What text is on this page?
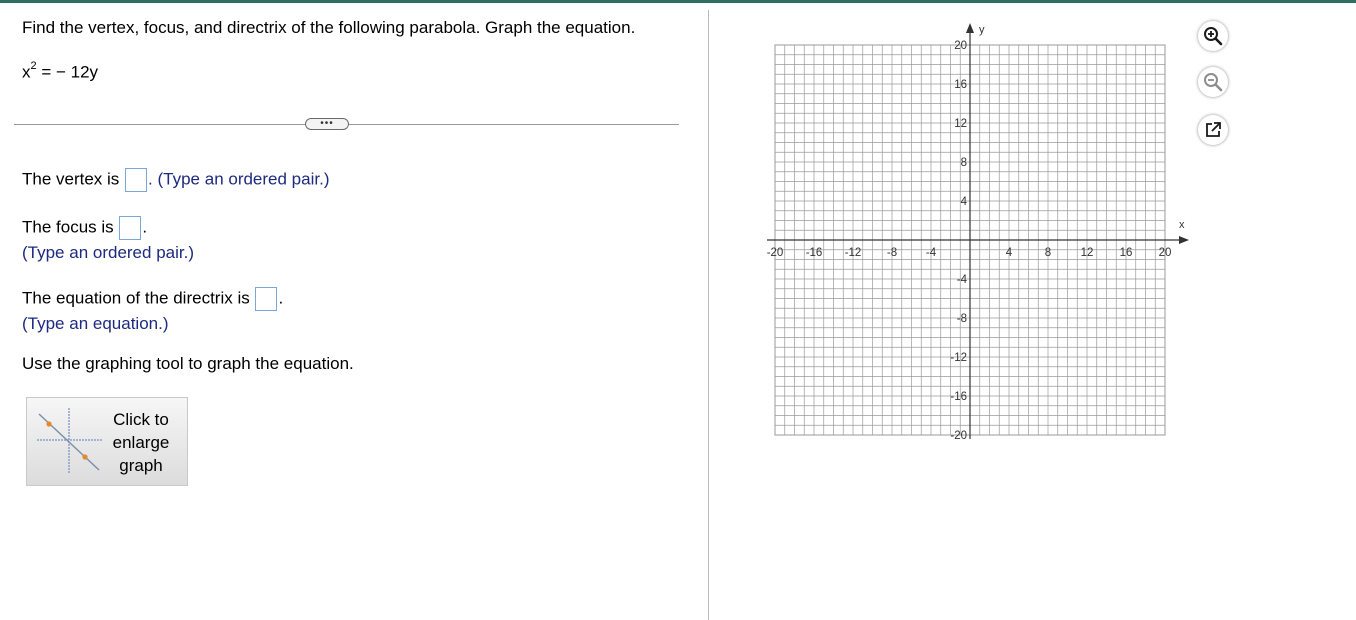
Find the vertex, focus, and directrix of the following parabola. Graph the equation.
$x^2$ = − 12y
•••
The vertex is . (Type an ordered pair.)
The focus is .
(Type an ordered pair.)
The equation of the directrix is .
(Type an equation.)
Use the graphing tool to graph the equation.
Click to
enlarge
graph
x
y
-20 -16 -12 -8	-4	4	8	12 16 20
20
16
12
8
4
-4
-8
-12
-16
-20
